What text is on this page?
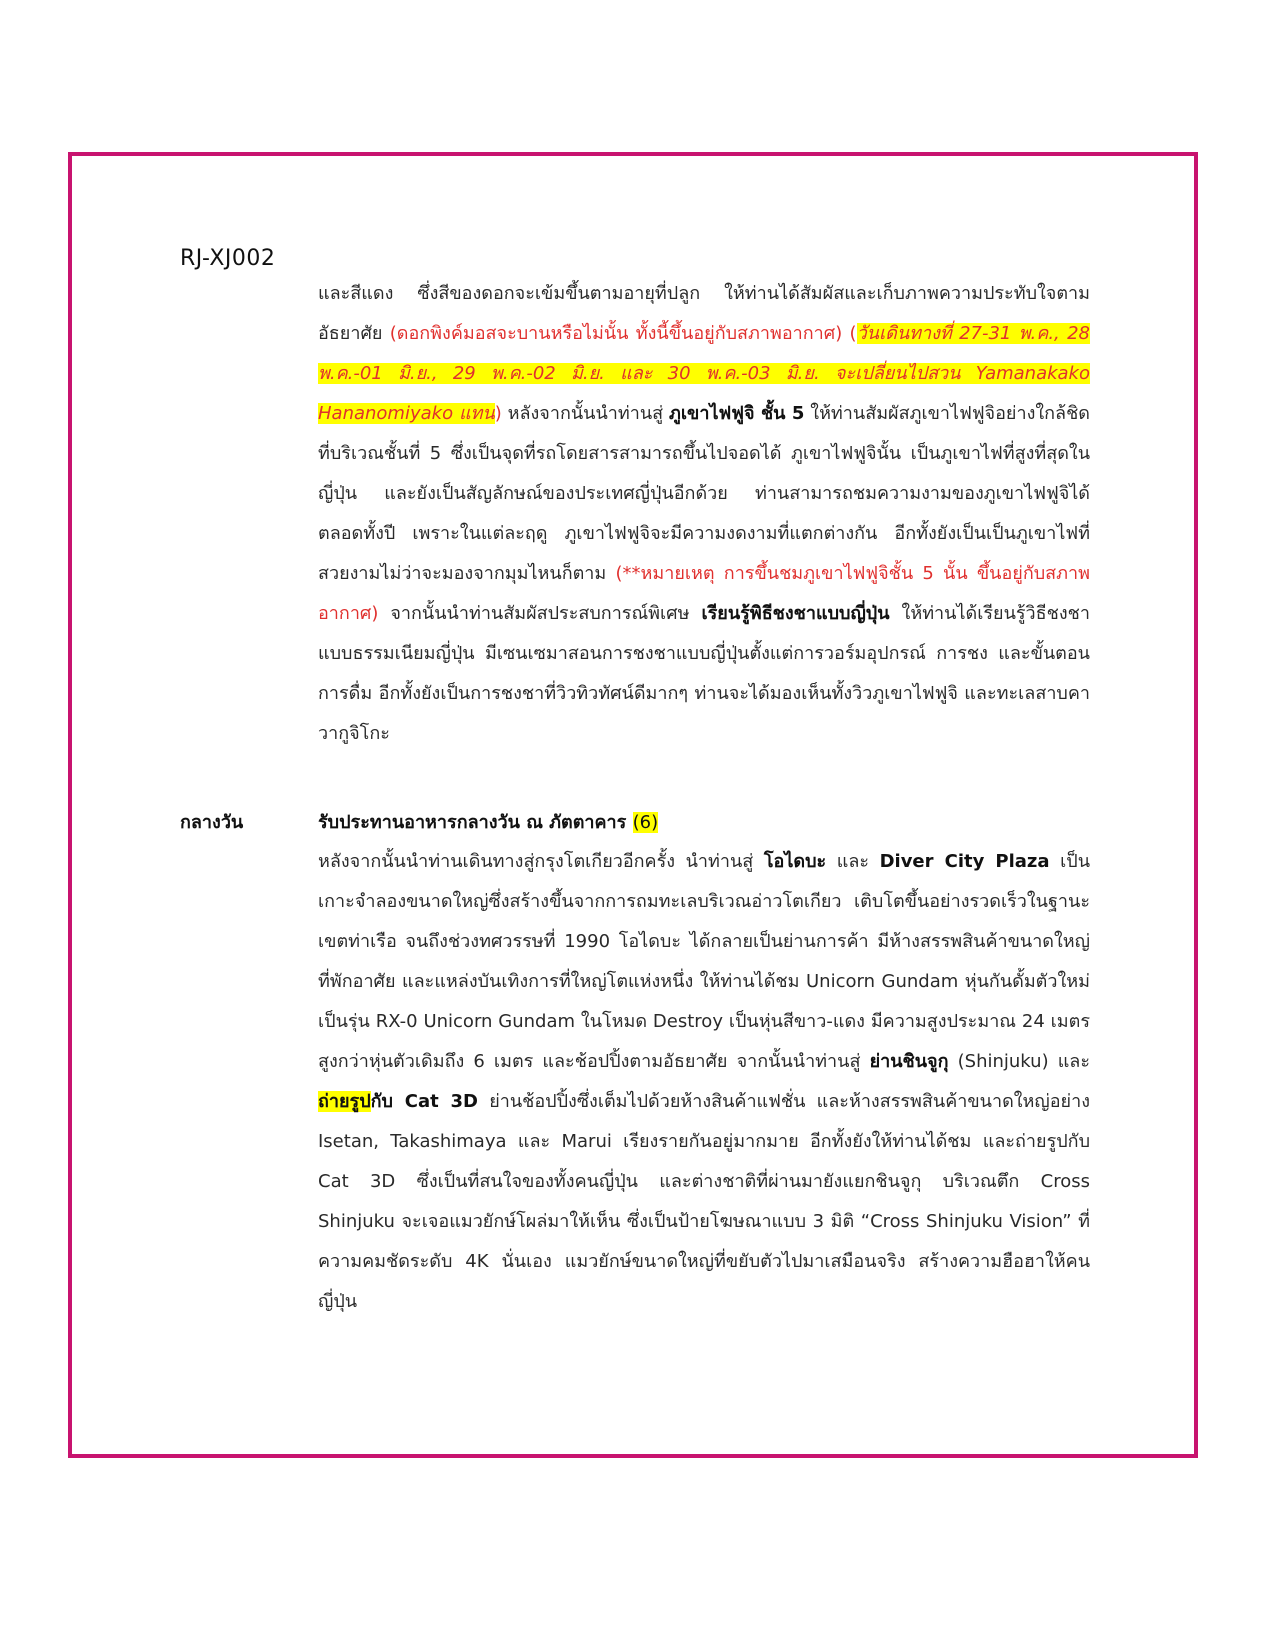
RJ-XJ002

และสีแดง ซึ่งสีของดอกจะเข้มขึ้นตามอายุที่ปลูก ให้ท่านได้สัมผัสและเก็บภาพความประทับใจตามอัธยาศัย (ดอกพิงค์มอสจะบานหรือไม่นั้น ทั้งนี้ขึ้นอยู่กับสภาพอากาศ) (วันเดินทางที่ 27-31 พ.ค., 28 พ.ค.-01 มิ.ย., 29 พ.ค.-02 มิ.ย. และ 30 พ.ค.-03 มิ.ย. จะเปลี่ยนไปสวน Yamanakako Hananomiyako แทน) หลังจากนั้นนำท่านสู่ ภูเขาไฟฟูจิ ชั้น 5 ให้ท่านสัมผัสภูเขาไฟฟูจิอย่างใกล้ชิดที่บริเวณชั้นที่ 5 ซึ่งเป็นจุดที่รถโดยสารสามารถขึ้นไปจอดได้ ภูเขาไฟฟูจินั้น เป็นภูเขาไฟที่สูงที่สุดในญี่ปุ่น และยังเป็นสัญลักษณ์ของประเทศญี่ปุ่นอีกด้วย ท่านสามารถชมความงามของภูเขาไฟฟูจิได้ตลอดทั้งปี เพราะในแต่ละฤดู ภูเขาไฟฟูจิจะมีความงดงามที่แตกต่างกัน อีกทั้งยังเป็นเป็นภูเขาไฟที่สวยงามไม่ว่าจะมองจากมุมไหนก็ตาม (**หมายเหตุ การขึ้นชมภูเขาไฟฟูจิชั้น 5 นั้น ขึ้นอยู่กับสภาพอากาศ) จากนั้นนำท่านสัมผัสประสบการณ์พิเศษ เรียนรู้พิธีชงชาแบบญี่ปุ่น ให้ท่านได้เรียนรู้วิธีชงชาแบบธรรมเนียมญี่ปุ่น มีเซนเซมาสอนการชงชาแบบญี่ปุ่นตั้งแต่การวอร์มอุปกรณ์ การชง และขั้นตอนการดื่ม อีกทั้งยังเป็นการชงชาที่วิวทิวทัศน์ดีมากๆ ท่านจะได้มองเห็นทั้งวิวภูเขาไฟฟูจิ และทะเลสาบคาวากูจิโกะ

กลางวัน	รับประทานอาหารกลางวัน ณ ภัตตาคาร (6)

หลังจากนั้นนำท่านเดินทางสู่กรุงโตเกียวอีกครั้ง นำท่านสู่ โอไดบะ และ Diver City Plaza เป็นเกาะจำลองขนาดใหญ่ซึ่งสร้างขึ้นจากการถมทะเลบริเวณอ่าวโตเกียว เติบโตขึ้นอย่างรวดเร็วในฐานะเขตท่าเรือ จนถึงช่วงทศวรรษที่ 1990 โอไดบะ ได้กลายเป็นย่านการค้า มีห้างสรรพสินค้าขนาดใหญ่ ที่พักอาศัย และแหล่งบันเทิงการที่ใหญ่โตแห่งหนึ่ง ให้ท่านได้ชม Unicorn Gundam หุ่นกันดั้มตัวใหม่เป็นรุ่น RX-0 Unicorn Gundam ในโหมด Destroy เป็นหุ่นสีขาว-แดง มีความสูงประมาณ 24 เมตร สูงกว่าหุ่นตัวเดิมถึง 6 เมตร และช้อปปิ้งตามอัธยาศัย จากนั้นนำท่านสู่ ย่านชินจูกุ (Shinjuku) และถ่ายรูปกับ Cat 3D ย่านช้อปปิ้งซึ่งเต็มไปด้วยห้างสินค้าแฟชั่น และห้างสรรพสินค้าขนาดใหญ่อย่าง Isetan, Takashimaya และ Marui เรียงรายกันอยู่มากมาย อีกทั้งยังให้ท่านได้ชม และถ่ายรูปกับ Cat 3D ซึ่งเป็นที่สนใจของทั้งคนญี่ปุ่น และต่างชาติที่ผ่านมายังแยกชินจูกุ บริเวณตึก Cross Shinjuku จะเจอแมวยักษ์โผล่มาให้เห็น ซึ่งเป็นป้ายโฆษณาแบบ 3 มิติ “Cross Shinjuku Vision” ที่ความคมชัดระดับ 4K นั่นเอง แมวยักษ์ขนาดใหญ่ที่ขยับตัวไปมาเสมือนจริง สร้างความฮือฮาให้คนญี่ปุ่น
